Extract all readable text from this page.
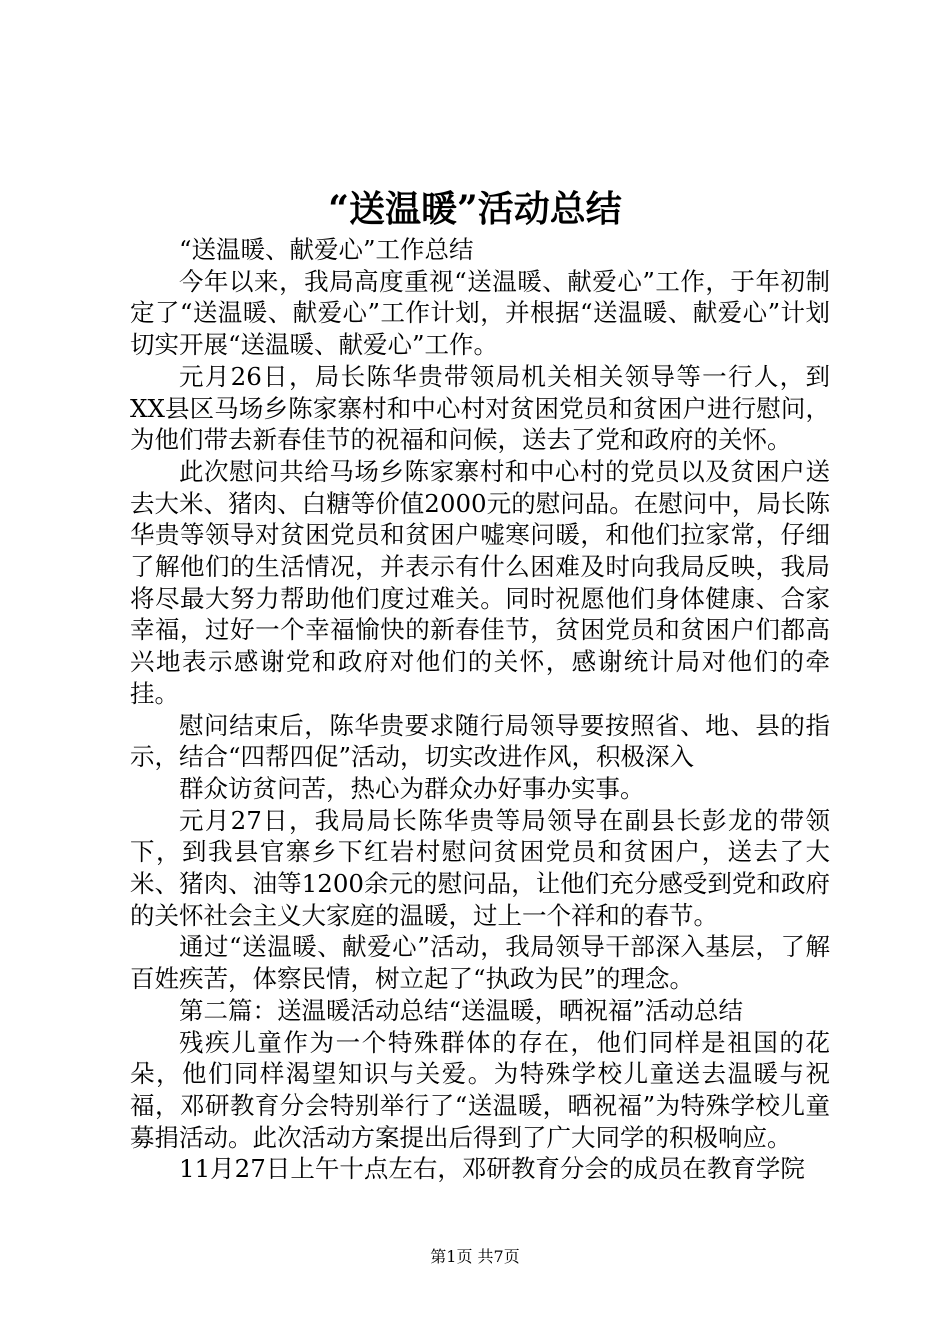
“送温暖”活动总结

“送温暖、献爱心”工作总结

今年以来，我局高度重视“送温暖、献爱心”工作，于年初制定了“送温暖、献爱心”工作计划，并根据“送温暖、献爱心”计划切实开展“送温暖、献爱心”工作。

元月26日，局长陈华贵带领局机关相关领导等一行人，到XX县区马场乡陈家寨村和中心村对贫困党员和贫困户进行慰问，为他们带去新春佳节的祝福和问候，送去了党和政府的关怀。

此次慰问共给马场乡陈家寨村和中心村的党员以及贫困户送去大米、猪肉、白糖等价值2000元的慰问品。在慰问中，局长陈华贵等领导对贫困党员和贫困户嘘寒问暖，和他们拉家常，仔细了解他们的生活情况，并表示有什么困难及时向我局反映，我局将尽最大努力帮助他们度过难关。同时祝愿他们身体健康、合家幸福，过好一个幸福愉快的新春佳节，贫困党员和贫困户们都高兴地表示感谢党和政府对他们的关怀，感谢统计局对他们的牵挂。

慰问结束后，陈华贵要求随行局领导要按照省、地、县的指示，结合“四帮四促”活动，切实改进作风，积极深入

群众访贫问苦，热心为群众办好事办实事。

元月27日，我局局长陈华贵等局领导在副县长彭龙的带领下，到我县官寨乡下红岩村慰问贫困党员和贫困户，送去了大米、猪肉、油等1200余元的慰问品，让他们充分感受到党和政府的关怀社会主义大家庭的温暖，过上一个祥和的春节。

通过“送温暖、献爱心”活动，我局领导干部深入基层，了解百姓疾苦，体察民情，树立起了“执政为民”的理念。

第二篇：送温暖活动总结“送温暖，晒祝福”活动总结

残疾儿童作为一个特殊群体的存在，他们同样是祖国的花朵，他们同样渴望知识与关爱。为特殊学校儿童送去温暖与祝福，邓研教育分会特别举行了“送温暖，晒祝福”为特殊学校儿童募捐活动。此次活动方案提出后得到了广大同学的积极响应。

11月27日上午十点左右，邓研教育分会的成员在教育学院

第1页 共7页
